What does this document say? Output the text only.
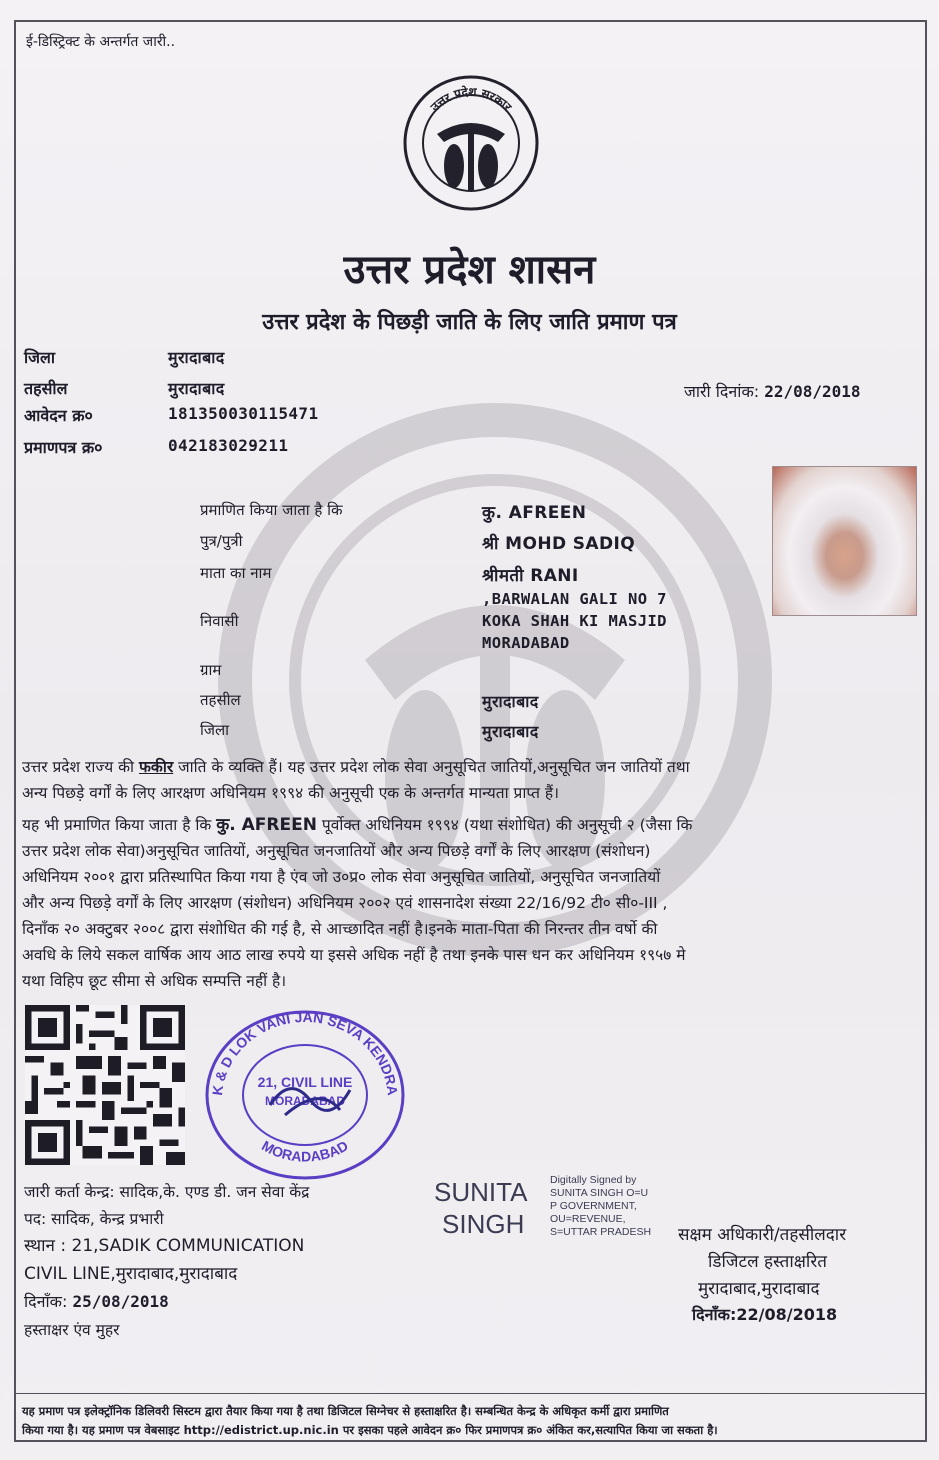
ई-डिस्ट्रिक्ट के अन्तर्गत जारी..
उत्तर प्रदेश सरकार
उत्तर प्रदेश शासन
उत्तर प्रदेश के पिछड़ी जाति के लिए जाति प्रमाण पत्र
जिला	मुरादाबाद
तहसील	मुरादाबाद
आवेदन क्र०	181350030115471
प्रमाणपत्र क्र०	042183029211
जारी दिनांक: 22/08/2018
प्रमाणित किया जाता है कि	कु. AFREEN
पुत्र/पुत्री	श्री MOHD SADIQ
माता का नाम	श्रीमती RANI
निवासी
,BARWALAN GALI NO 7
KOKA SHAH KI MASJID
MORADABAD
ग्राम
तहसील	मुरादाबाद
जिला	मुरादाबाद

उत्तर प्रदेश राज्य की फकीर जाति के व्यक्ति हैं। यह उत्तर प्रदेश लोक सेवा अनुसूचित जातियों,अनुसूचित जन जातियों तथा

अन्य पिछड़े वर्गों के लिए आरक्षण अधिनियम १९९४ की अनुसूची एक के अन्तर्गत मान्यता प्राप्त हैं।

यह भी प्रमाणित किया जाता है कि कु. AFREEN पूर्वोक्त अधिनियम १९९४ (यथा संशोधित) की अनुसूची २ (जैसा कि

उत्तर प्रदेश लोक सेवा)अनुसूचित जातियों, अनुसूचित जनजातियों और अन्य पिछड़े वर्गों के लिए आरक्षण (संशोधन)

अधिनियम २००१ द्वारा प्रतिस्थापित किया गया है एंव जो उ०प्र० लोक सेवा अनुसूचित जातियों, अनुसूचित जनजातियों

और अन्य पिछड़े वर्गों के लिए आरक्षण (संशोधन) अधिनियम २००२ एवं शासनादेश संख्या 22/16/92 टी० सी०-III ,

दिनाँक २० अक्टुबर २००८ द्वारा संशोधित की गई है, से आच्छादित नहीं है।इनके माता-पिता की निरन्तर तीन वर्षो की

अवधि के लिये सकल वार्षिक आय आठ लाख रुपये या इससे अधिक नहीं है तथा इनके पास धन कर अधिनियम १९५७ मे

यथा विहिप छूट सीमा से अधिक सम्पत्ति नहीं है।

K & D LOK VANI JAN SEVA KENDRA
MORADABAD
21, CIVIL LINE
MORADABAD
जारी कर्ता केन्द्र: सादिक,के. एण्ड डी. जन सेवा केंद्र
पद: सादिक, केन्द्र प्रभारी
स्थान : 21,SADIK COMMUNICATION
CIVIL LINE,मुरादाबाद,मुरादाबाद
दिनाँक: 25/08/2018
हस्ताक्षर एंव मुहर
SUNITA
SINGH
Digitally Signed by
SUNITA SINGH O=U
P GOVERNMENT,
OU=REVENUE,
S=UTTAR PRADESH सक्षम अधिकारी/तहसीलदार
डिजिटल हस्ताक्षरित
मुरादाबाद,मुरादाबाद
दिनाँक:22/08/2018
यह प्रमाण पत्र इलेक्ट्रॉनिक डिलिवरी सिस्टम द्वारा तैयार किया गया है तथा डिजिटल सिग्नेचर से हस्ताक्षरित है। सम्बन्धित केन्द्र के अधिकृत कर्मी द्वारा प्रमाणित
किया गया है। यह प्रमाण पत्र वेबसाइट http://edistrict.up.nic.in पर इसका पहले आवेदन क्र० फिर प्रमाणपत्र क्र० अंकित कर,सत्यापित किया जा सकता है।
